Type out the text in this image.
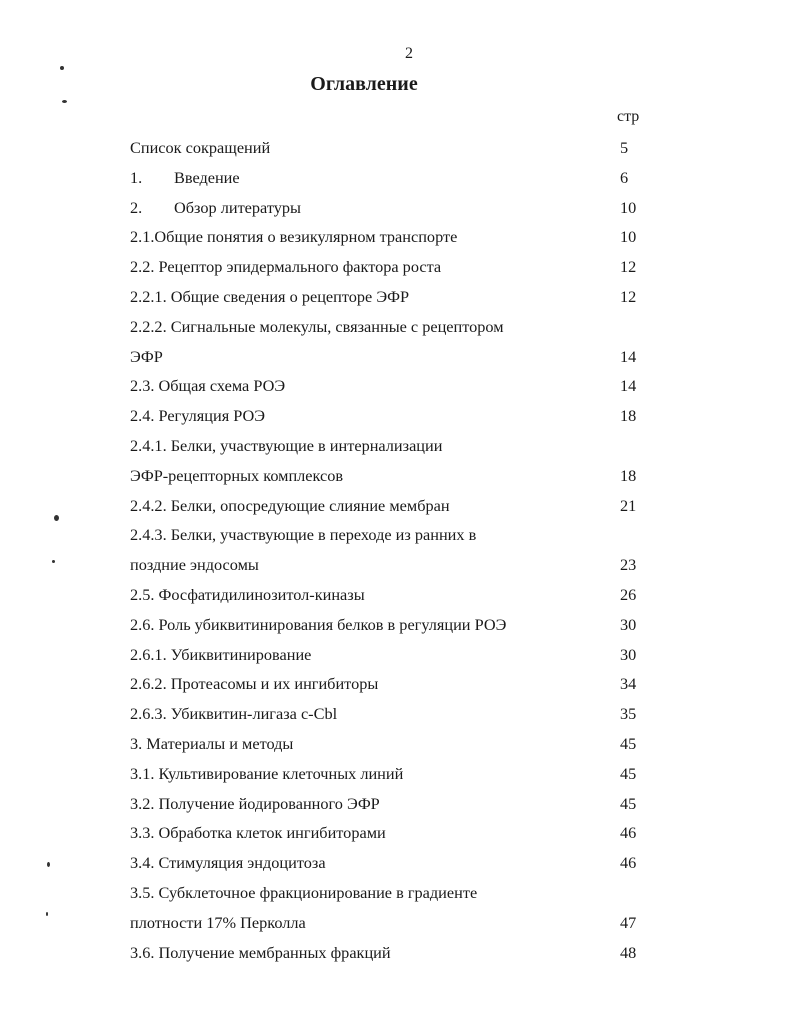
2
Оглавление
стр
Список сокращений	5
1. Введение	6
2. Обзор литературы	10
2.1.Общие понятия о везикулярном транспорте	10
2.2. Рецептор эпидермального фактора роста	12
2.2.1. Общие сведения о рецепторе ЭФР	12
2.2.2. Сигнальные молекулы, связанные с рецептором
ЭФР	14
2.3. Общая схема РОЭ	14
2.4. Регуляция РОЭ	18
2.4.1. Белки, участвующие в интернализации
ЭФР-рецепторных комплексов	18
2.4.2. Белки, опосредующие слияние мембран	21
2.4.3. Белки, участвующие в переходе из ранних в
поздние эндосомы	23
2.5. Фосфатидилинозитол-киназы	26
2.6. Роль убиквитинирования белков в регуляции РОЭ	30
2.6.1. Убиквитинирование	30
2.6.2. Протеасомы и их ингибиторы	34
2.6.3. Убиквитин-лигаза c-Cbl	35
3. Материалы и методы	45
3.1. Культивирование клеточных линий	45
3.2. Получение йодированного ЭФР	45
3.3. Обработка клеток ингибиторами	46
3.4. Стимуляция эндоцитоза	46
3.5. Субклеточное фракционирование в градиенте
плотности 17% Перколла	47
3.6. Получение мембранных фракций	48
